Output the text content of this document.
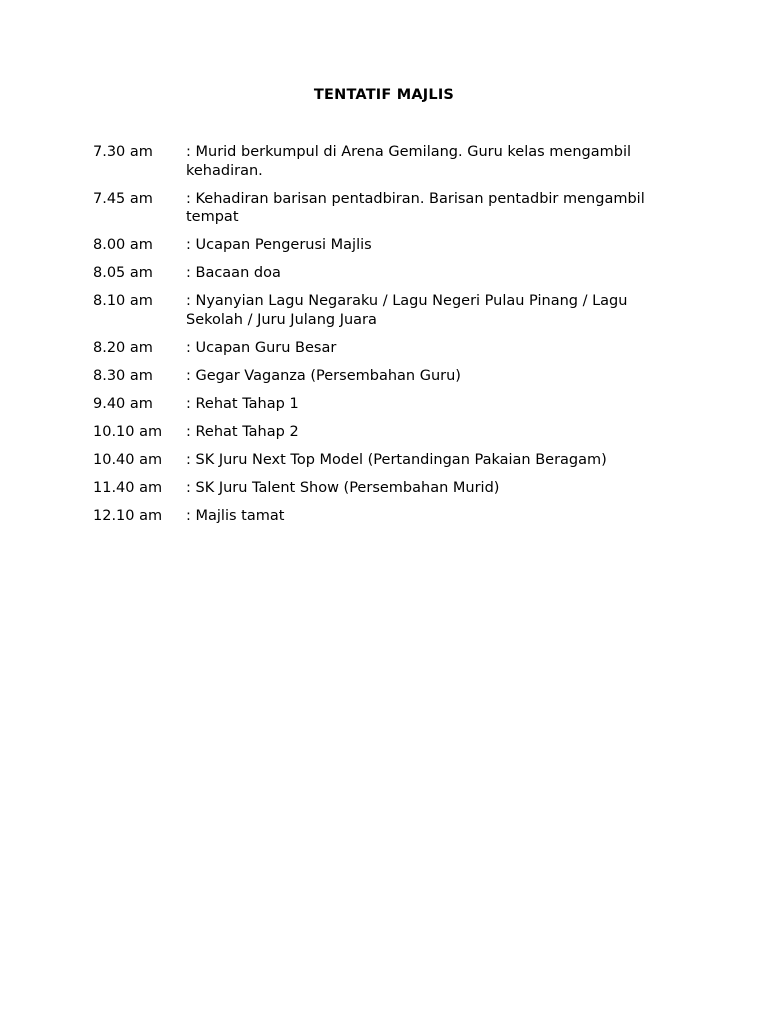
TENTATIF MAJLIS
7.30 am	: Murid berkumpul di Arena Gemilang. Guru kelas mengambil kehadiran.
7.45 am	: Kehadiran barisan pentadbiran. Barisan pentadbir mengambil tempat
8.00 am	: Ucapan Pengerusi Majlis
8.05 am	: Bacaan doa
8.10 am	: Nyanyian Lagu Negaraku / Lagu Negeri Pulau Pinang / Lagu Sekolah / Juru Julang Juara
8.20 am	: Ucapan Guru Besar
8.30 am	: Gegar Vaganza (Persembahan Guru)
9.40 am	: Rehat Tahap 1
10.10 am	: Rehat Tahap 2
10.40 am	: SK Juru Next Top Model (Pertandingan Pakaian Beragam)
11.40 am	: SK Juru Talent Show (Persembahan Murid)
12.10 am	: Majlis tamat
